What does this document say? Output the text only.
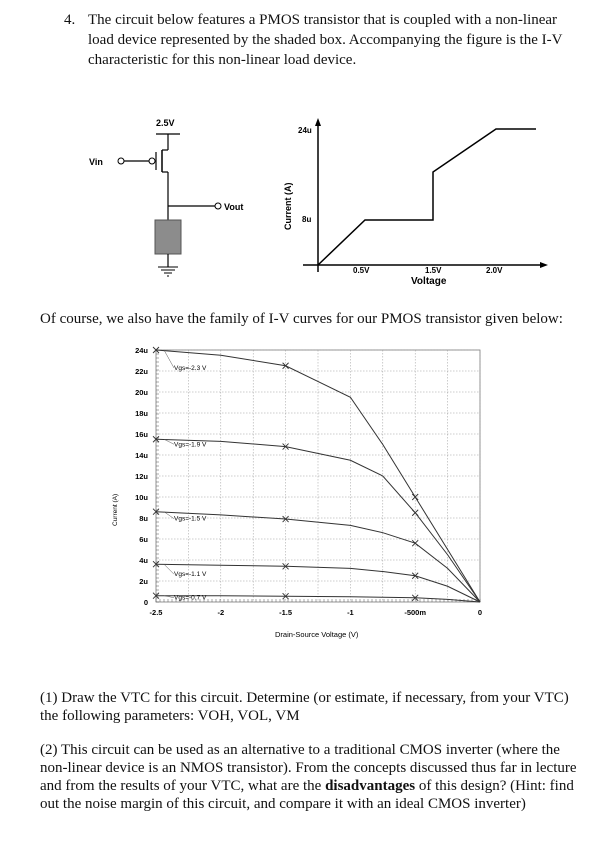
4. The circuit below features a PMOS transistor that is coupled with a non-linear
load device represented by the shaded box. Accompanying the figure is the I-V
characteristic for this non-linear load device.
2.5V
Vin
Vout	Current (A)
24u
8u
0.5V	1.5V	2.0V
Voltage
Of course, we also have the family of I-V curves for our PMOS transistor given below:
24u
22u
20u
18u
16u
14u
12u
10u
8u
6u
4u
2u
0
-2.5	-2	-1.5	-1	-500m	0
Vgs=-2.3 V
Vgs=-1.9 V
Vgs=-1.5 V
Vgs=-1.1 V
Vgs=-0.7 V
Current (A)
Drain-Source Voltage (V)
(1) Draw the VTC for this circuit. Determine (or estimate, if necessary, from your VTC) the following parameters: VOH, VOL, VM
(2) This circuit can be used as an alternative to a traditional CMOS inverter (where the non-linear device is an NMOS transistor). From the concepts discussed thus far in lecture and from the results of your VTC, what are the disadvantages of this design? (Hint: find out the noise margin of this circuit, and compare it with an ideal CMOS inverter)
